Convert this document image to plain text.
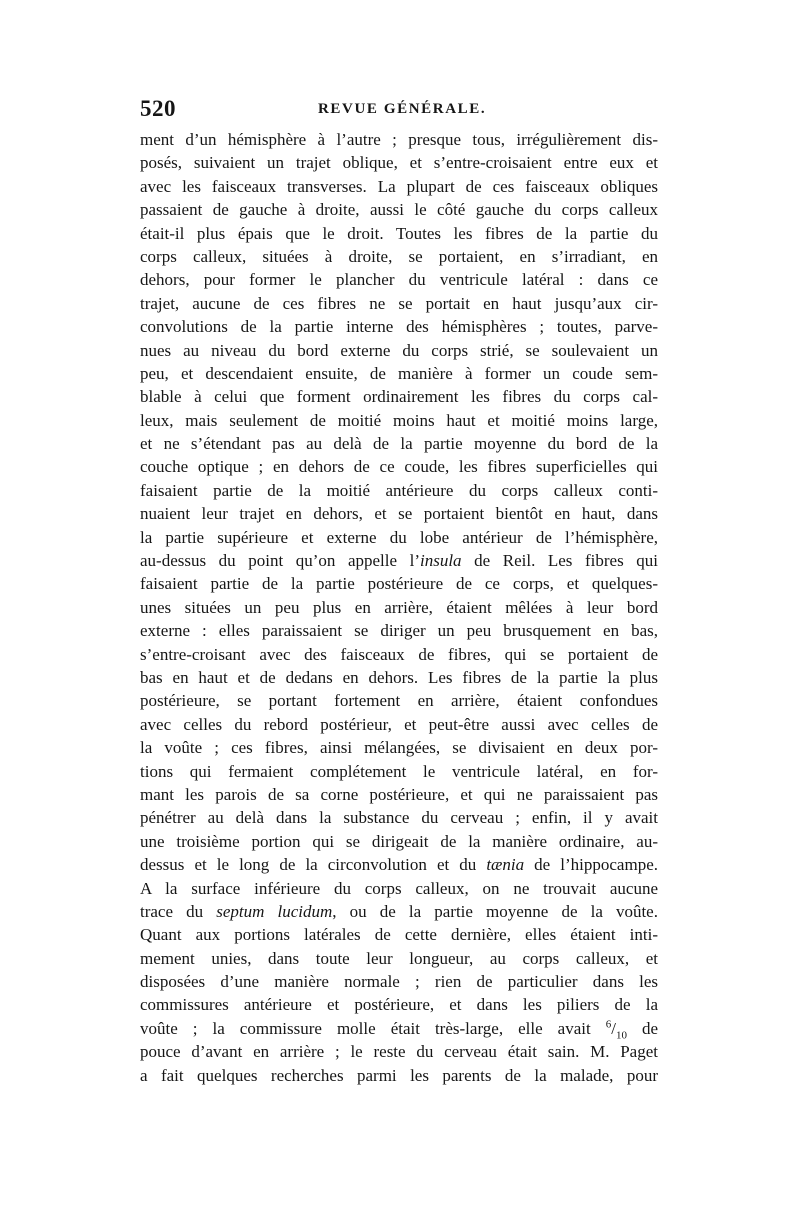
520	REVUE GÉNÉRALE.
ment d’un hémisphère à l’autre ; presque tous, irrégulièrement dis-
posés, suivaient un trajet oblique, et s’entre-croisaient entre eux et
avec les faisceaux transverses. La plupart de ces faisceaux obliques
passaient de gauche à droite, aussi le côté gauche du corps calleux
était-il plus épais que le droit. Toutes les fibres de la partie du
corps calleux, situées à droite, se portaient, en s’irradiant, en
dehors, pour former le plancher du ventricule latéral : dans ce
trajet, aucune de ces fibres ne se portait en haut jusqu’aux cir-
convolutions de la partie interne des hémisphères ; toutes, parve-
nues au niveau du bord externe du corps strié, se soulevaient un
peu, et descendaient ensuite, de manière à former un coude sem-
blable à celui que forment ordinairement les fibres du corps cal-
leux, mais seulement de moitié moins haut et moitié moins large,
et ne s’étendant pas au delà de la partie moyenne du bord de la
couche optique ; en dehors de ce coude, les fibres superficielles qui
faisaient partie de la moitié antérieure du corps calleux conti-
nuaient leur trajet en dehors, et se portaient bientôt en haut, dans
la partie supérieure et externe du lobe antérieur de l’hémisphère,
au-dessus du point qu’on appelle l’insula de Reil. Les fibres qui
faisaient partie de la partie postérieure de ce corps, et quelques-
unes situées un peu plus en arrière, étaient mêlées à leur bord
externe : elles paraissaient se diriger un peu brusquement en bas,
s’entre-croisant avec des faisceaux de fibres, qui se portaient de
bas en haut et de dedans en dehors. Les fibres de la partie la plus
postérieure, se portant fortement en arrière, étaient confondues
avec celles du rebord postérieur, et peut-être aussi avec celles de
la voûte ; ces fibres, ainsi mélangées, se divisaient en deux por-
tions qui fermaient complétement le ventricule latéral, en for-
mant les parois de sa corne postérieure, et qui ne paraissaient pas
pénétrer au delà dans la substance du cerveau ; enfin, il y avait
une troisième portion qui se dirigeait de la manière ordinaire, au-
dessus et le long de la circonvolution et du tænia de l’hippocampe.
A la surface inférieure du corps calleux, on ne trouvait aucune
trace du septum lucidum, ou de la partie moyenne de la voûte.
Quant aux portions latérales de cette dernière, elles étaient inti-
mement unies, dans toute leur longueur, au corps calleux, et
disposées d’une manière normale ; rien de particulier dans les
commissures antérieure et postérieure, et dans les piliers de la
voûte ; la commissure molle était très-large, elle avait $^6/_{10}$ de
pouce d’avant en arrière ; le reste du cerveau était sain. M. Paget
a fait quelques recherches parmi les parents de la malade, pour
